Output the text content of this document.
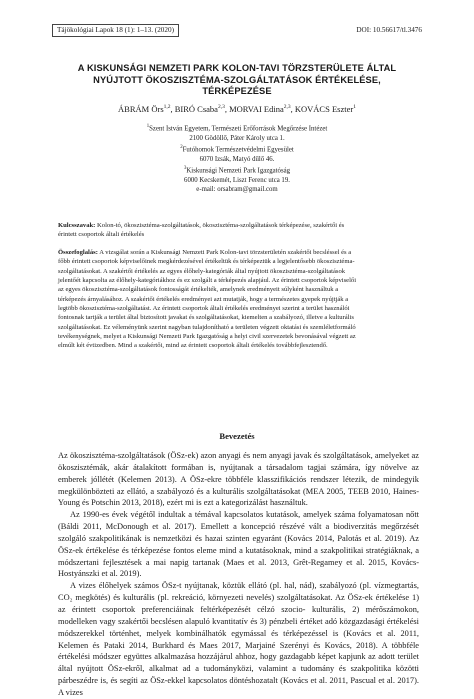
Tájökológiai Lapok 18 (1): 1–13. (2020)	DOI: 10.56617/tl.3476
A KISKUNSÁGI NEMZETI PARK KOLON-TAVI TÖRZSTERÜLETE ÁLTAL
NYÚJTOTT ÖKOSZISZTÉMA-SZOLGÁLTATÁSOK ÉRTÉKELÉSE,
TÉRKÉPEZÉSE
ÁBRÁM Örs$^{1,2}$, BIRÓ Csaba$^{2,3}$, MORVAI Edina$^{2,3}$, KOVÁCS Eszter$^1$
$^1$Szent István Egyetem, Természeti Erőforrások Megőrzése Intézet
2100 Gödöllő, Páter Károly utca 1.
$^2$Futóhomok Természetvédelmi Egyesület
6070 Izsák, Matyó dűlő 46.
$^3$Kiskunsági Nemzeti Park Igazgatóság
6000 Kecskemét, Liszt Ferenc utca 19.
e-mail: orsabram@gmail.com
Kulcsszavak: Kolon-tó, ökoszisztéma-szolgáltatások, ökoszisztéma-szolgáltatások térképezése, szakértői és
érintett csoportok általi értékelés
Összefoglalás: A vizsgálat során a Kiskunsági Nemzeti Park Kolon-tavi törzsterületén szakértői becsléssel és a
főbb érintett csoportok képviselőinek megkérdezésével értékeltük és térképeztük a legjelentősebb ökoszisztéma-
szolgáltatásokat. A szakértői értékelés az egyes élőhely-kategóriák által nyújtott ökoszisztéma-szolgáltatások
jelentőét kapcsolta az élőhely-kategóriákhoz és ez szolgált a térképezés alapjául. Az érintett csoportok képviselői
az egyes ökoszisztéma-szolgáltatások fontosságát értékelték, amelynek eredményeit súlyként használtuk a
térképezés árnyalásához. A szakértői értékelés eredményei azt mutatják, hogy a természetes gyepek nyújtják a
legtöbb ökoszisztéma-szolgáltatást. Az érintett csoportok általi értékelés eredményei szerint a terület használói
fontosnak tartják a terület által biztosított javakat és szolgáltatásokat, kiemelten a szabályozó, illetve a kulturális
szolgáltatásokat. Ez véleményünk szerint nagyban tulajdonítható a területen végzett oktatási és szemléletformáló
tevékenységnek, melyet a Kiskunsági Nemzeti Park Igazgatóság a helyi civil szervezetek bevonásával végzett az
elmúlt két évtizedben. Mind a szakértői, mind az érintett csoportok általi értékelés továbbfejlesztendő.
Bevezetés

Az ökoszisztéma-szolgáltatások (ÖSz-ek) azon anyagi és nem anyagi javak és szolgáltatások, amelyeket az ökoszisztémák, akár átalakított formában is, nyújtanak a társadalom tagjai számára, így növelve az emberek jóllétét (Kelemen 2013). A ÖSz-ekre többféle klasszifikációs rendszer létezik, de mindegyik megkülönbözteti az ellátó, a szabályozó és a kulturális szolgáltatásokat (MEA 2005, TEEB 2010, Haines-Young és Potschin 2013, 2018), ezért mi is ezt a kategorizálást használtuk.

Az 1990-es évek végétől indultak a témával kapcsolatos kutatások, amelyek száma folyamatosan nőtt (Báldi 2011, McDonough et al. 2017). Emellett a koncepció részévé vált a biodiverzitás megőrzését szolgáló szakpolitikának is nemzetközi és hazai szinten egyaránt (Kovács 2014, Palotás et al. 2019). Az ÖSz-ek értékelése és térképezése fontos eleme mind a kutatásoknak, mind a szakpolitikai stratégiáknak, a módszertani fejlesztések a mai napig tartanak (Maes et al. 2013, Grêt-Regamey et al. 2015, Kovács-Hostyánszki et al. 2019).

A vizes élőhelyek számos ÖSz-t nyújtanak, köztük ellátó (pl. hal, nád), szabályozó (pl. vízmegtartás, CO₂ megkötés) és kulturális (pl. rekreáció, környezeti nevelés) szolgáltatásokat. Az ÖSz-ek értékelése 1) az érintett csoportok preferenciáinak feltérképezését célzó szocio- kulturális, 2) mérőszámokon, modelleken vagy szakértői becslésen alapuló kvantitatív és 3) pénzbeli értéket adó közgazdasági értékelési módszerekkel történhet, melyek kombinálhatók egymással és térképezéssel is (Kovács et al. 2011, Kelemen és Pataki 2014, Burkhard és Maes 2017, Marjainé Szerényi és Kovács, 2018). A többféle értékelési módszer együttes alkalmazása hozzájárul ahhoz, hogy gazdagabb képet kapjunk az adott terület által nyújtott ÖSz-ekről, alkalmat ad a tudományközi, valamint a tudomány és szakpolitika közötti párbeszédre is, és segíti az ÖSz-ekkel kapcsolatos döntéshozatalt (Kovács et al. 2011, Pascual et al. 2017). A vizes
